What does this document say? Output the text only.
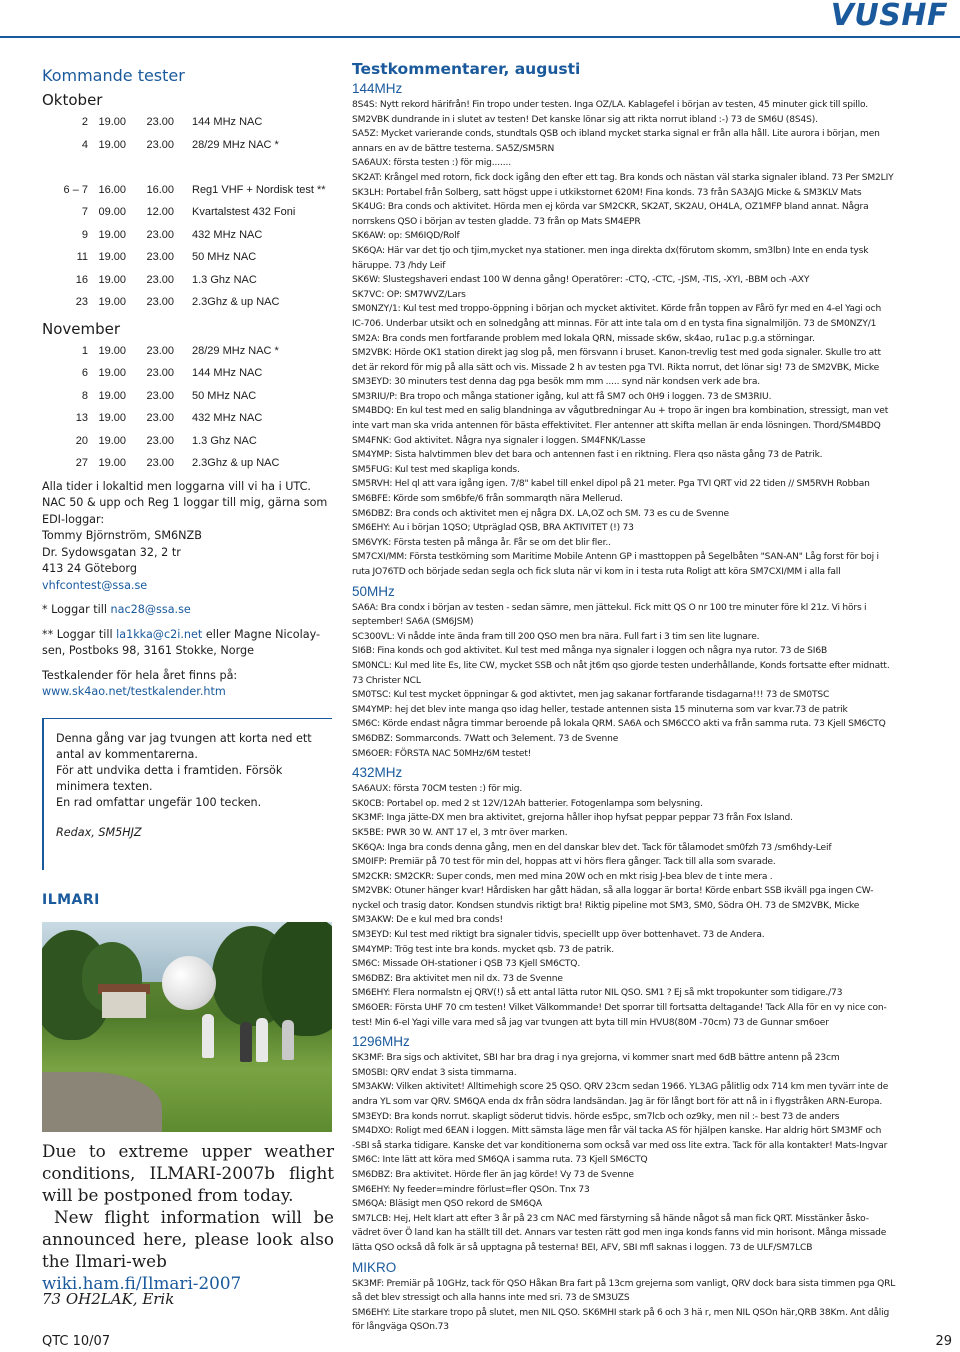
VUSHF
Kommande tester
Oktober
2 19.00	23.00	144 MHz NAC
4 19.00	23.00	28/29 MHz NAC *
6 – 7 16.00	16.00	Reg1 VHF + Nordisk test **
7 09.00	12.00	Kvartalstest 432 Foni
9 19.00	23.00	432 MHz NAC
11 19.00	23.00	50 MHz NAC
16 19.00	23.00	1.3 Ghz NAC
23 19.00	23.00	2.3Ghz & up NAC
November
1 19.00	23.00	28/29 MHz NAC *
6 19.00	23.00	144 MHz NAC
8 19.00	23.00	50 MHz NAC
13 19.00	23.00	432 MHz NAC
20 19.00	23.00	1.3 Ghz NAC
27 19.00	23.00	2.3Ghz & up NAC

Alla tider i lokaltid men loggarna vill vi ha i UTC.

NAC 50 & upp och Reg 1 loggar till mig, gärna som EDI-loggar:

Tommy Björnström, SM6NZB

Dr. Sydowsgatan 32, 2 tr

413 24 Göteborg

vhfcontest@ssa.se

* Loggar till nac28@ssa.se

** Loggar till la1kka@c2i.net eller Magne Nicolay-sen, Postboks 98, 3161 Stokke, Norge

Testkalender för hela året finns på:

www.sk4ao.net/testkalender.htm

Denna gång var jag tvungen att korta ned ett antal av kommentarerna.

För att undvika detta i framtiden. Försök minimera texten.

En rad omfattar ungefär 100 tecken.

Redax, SM5HJZ

ILMARI

Due to extreme upper weather conditions, ILMARI-2007b flight will be postponed from today.

New flight information will be announced here, please look also the Ilmari-web

wiki.ham.fi/Ilmari-2007

73 OH2LAK, Erik
Testkommentarer, augusti
144MHz
8S4S: Nytt rekord härifrån! Fin tropo under testen. Inga OZ/LA. Kablagefel i början av testen, 45 minuter gick till spillo.
SM2VBK dundrande in i slutet av testen! Det kanske lönar sig att rikta norrut ibland :-) 73 de SM6U (8S4S).
SA5Z: Mycket varierande conds, stundtals QSB och ibland mycket starka signal er från alla håll. Lite aurora i början, men
annars en av de bättre testerna. SA5Z/SM5RN
SA6AUX: första testen :) för mig.......
SK2AT: Krångel med rotorn, fick dock igång den efter ett tag. Bra konds och nästan väl starka signaler ibland. 73 Per SM2LIY
SK3LH: Portabel från Solberg, satt högst uppe i utkikstornet 620M! Fina konds. 73 från SA3AJG Micke & SM3KLV Mats
SK4UG: Bra conds och aktivitet. Hörda men ej körda var SM2CKR, SK2AT, SK2AU, OH4LA, OZ1MFP bland annat. Några
norrskens QSO i början av testen gladde. 73 från op Mats SM4EPR
SK6AW: op: SM6IQD/Rolf
SK6QA: Här var det tjo och tjim,mycket nya stationer. men inga direkta dx(förutom skomm, sm3lbn) Inte en enda tysk
häruppe. 73 /hdy Leif
SK6W: Slustegshaveri endast 100 W denna gång! Operatörer: -CTQ, -CTC, -JSM, -TIS, -XYI, -BBM och -AXY
SK7VC: OP: SM7WVZ/Lars
SM0NZY/1: Kul test med troppo-öppning i början och mycket aktivitet. Körde från toppen av Fårö fyr med en 4-el Yagi och
IC-706. Underbar utsikt och en solnedgång att minnas. För att inte tala om d en tysta fina signalmiljön. 73 de SM0NZY/1
SM2A: Bra conds men fortfarande problem med lokala QRN, missade sk6w, sk4ao, ru1ac p.g.a störningar.
SM2VBK: Hörde OK1 station direkt jag slog på, men försvann i bruset. Kanon-trevlig test med goda signaler. Skulle tro att
det är rekord för mig på alla sätt och vis. Missade 2 h av testen pga TVI. Rikta norrut, det lönar sig! 73 de SM2VBK, Micke
SM3EYD: 30 minuters test denna dag pga besök mm mm ..... synd när kondsen verk ade bra.
SM3RIU/P: Bra tropo och många stationer igång, kul att få SM7 och 0H9 i loggen. 73 de SM3RIU.
SM4BDQ: En kul test med en salig blandninga av vågutbredningar Au + tropo är ingen bra kombination, stressigt, man vet
inte vart man ska vrida antennen för bästa effektivitet. Fler antenner att skifta mellan är enda lösningen. Thord/SM4BDQ
SM4FNK: God aktivitet. Några nya signaler i loggen. SM4FNK/Lasse
SM4YMP: Sista halvtimmen blev det bara och antennen fast i en riktning. Flera qso nästa gång 73 de Patrik.
SM5FUG: Kul test med skapliga konds.
SM5RVH: Hel ql att vara igång igen. 7/8" kabel till enkel dipol på 21 meter. Pga TVI QRT vid 22 tiden // SM5RVH Robban
SM6BFE: Körde som sm6bfe/6 från sommarqth nära Mellerud.
SM6DBZ: Bra conds och aktivitet men ej några DX. LA,OZ och SM. 73 es cu de Svenne
SM6EHY: Au i början 1QSO; Utpräglad QSB, BRA AKTIVITET (!) 73
SM6VYK: Första testen på många år. Får se om det blir fler..
SM7CXI/MM: Första testkörning som Maritime Mobile Antenn GP i masttoppen på Segelbåten "SAN-AN" Låg forst för boj i
ruta JO76TD och började sedan segla och fick sluta när vi kom in i testa ruta Roligt att köra SM7CXI/MM i alla fall
50MHz
SA6A: Bra condx i början av testen - sedan sämre, men jättekul. Fick mitt QS O nr 100 tre minuter före kl 21z. Vi hörs i
september! SA6A (SM6JSM)
SC300VL: Vi nådde inte ända fram till 200 QSO men bra nära. Full fart i 3 tim sen lite lugnare.
SI6B: Fina konds och god aktivitet. Kul test med många nya signaler i loggen och några nya rutor. 73 de SI6B
SM0NCL: Kul med lite Es, lite CW, mycket SSB och nåt jt6m qso gjorde testen underhållande, Konds fortsatte efter midnatt.
73 Christer NCL
SM0TSC: Kul test mycket öppningar & god aktivtet, men jag sakanar fortfarande tisdagarna!!! 73 de SM0TSC
SM4YMP: hej det blev inte manga qso idag heller, testade antennen sista 15 minuterna som var kvar.73 de patrik
SM6C: Körde endast några timmar beroende på lokala QRM. SA6A och SM6CCO akti va från samma rutа. 73 Kjell SM6CTQ
SM6DBZ: Sommarconds. 7Watt och 3element. 73 de Svenne
SM6OER: FÖRSTA NAC 50MHz/6M testet!
432MHz
SA6AUX: första 70CM testen :) för mig.
SK0CB: Portabel op. med 2 st 12V/12Ah batterier. Fotogenlampa som belysning.
SK3MF: Inga jätte-DX men bra aktivitet, grejorna håller ihop hyfsat peppar peppar 73 från Fox Island.
SK5BE: PWR 30 W. ANT 17 el, 3 mtr över marken.
SK6QA: Inga bra conds denna gång, men en del danskar blev det. Tack för tålamodet sm0fzh 73 /sm6hdy-Leif
SM0IFP: Premiär på 70 test för min del, hoppas att vi hörs flera gånger. Tack till alla som svarade.
SM2CKR: SM2CKR: Super conds, men med mina 20W och en mkt risig J-bea blev de t inte mera .
SM2VBK: Otuner hänger kvar! Hårdisken har gått hädan, så alla loggar är borta! Körde enbart SSB ikväll pga ingen CW-
nyckel och trasig dator. Kondsen stundvis riktigt bra! Riktig pipeline mot SM3, SM0, Södra OH. 73 de SM2VBK, Micke
SM3AKW: De e kul med bra conds!
SM3EYD: Kul test med riktigt bra signaler tidvis, speciellt upp över bottenhavet. 73 de Andera.
SM4YMP: Trög test inte bra konds. mycket qsb. 73 de patrik.
SM6C: Missade OH-stationer i QSB 73 Kjell SM6CTQ.
SM6DBZ: Bra aktivitet men nil dx. 73 de Svenne
SM6EHY: Flera normalstn ej QRV(!) så ett antal lätta rutor NIL QSO. SM1 ? Ej så mkt tropokunter som tidigare./73
SM6OER: Första UHF 70 cm testen! Vilket Välkommande! Det sporrar till fortsatta deltagande! Tack Alla för en vy nice con-
test! Min 6-el Yagi ville vara med så jag var tvungen att byta till min HVU8(80M -70cm) 73 de Gunnar sm6oer
1296MHz
SK3MF: Bra sigs och aktivitet, SBI har bra drag i nya grejorna, vi kommer snart med 6dB bättre antenn på 23cm
SM0SBI: QRV endat 3 sista timmarna.
SM3AKW: Vilken aktivitet! Alltimehigh score 25 QSO. QRV 23cm sedan 1966. YL3AG pålitlig odx 714 km men tyvärr inte de
andra YL som var QRV. SM6QA enda dx från södra landsändan. Jag är för långt bort för att nå in i flygstråken ARN-Europa.
SM3EYD: Bra konds norrut. skapligt söderut tidvis. hörde es5pc, sm7lcb och oz9ky, men nil :- best 73 de anders
SM4DXO: Roligt med 6EAN i loggen. Mitt sämsta läge men får väl tacka AS för hjälpen kanske. Har aldrig hört SM3MF och
-SBI så starka tidigare. Kanske det var konditionerna som också var med oss lite extra. Tack för alla kontakter! Mats-Ingvar
SM6C: Inte lätt att köra med SM6QA i samma ruta. 73 Kjell SM6CTQ
SM6DBZ: Bra aktivitet. Hörde fler än jag körde! Vy 73 de Svenne
SM6EHY: Ny feeder=mindre förlust=fler QSOn. Tnx 73
SM6QA: Bläsigt men QSO rekord de SM6QA
SM7LCB: Hej, Helt klart att efter 3 år på 23 cm NAC med färstyrning så hände något så man fick QRT. Misstänker åsko-
vädret över Ö land kan ha ställt till det. Annars var testen rätt god men inga konds fanns vid min horisont. Många missade
lätta QSO också då folk är så upptagna på testerna! BEI, AFV, SBI mfl saknas i loggen. 73 de ULF/SM7LCB
MIKRO
SK3MF: Premiär på 10GHz, tack för QSO Håkan Bra fart på 13cm grejerna som vanligt, QRV dock bara sista timmen pga QRL
så det blev stressigt och alla hanns inte med sri. 73 de SM3UZS
SM6EHY: Lite starkare tropo på slutet, men NIL QSO. SK6MHI stark på 6 och 3 hä r, men NIL QSOn här,QRB 38Km. Ant dålig
för långväga QSOn.73
QTC 10/07	29
